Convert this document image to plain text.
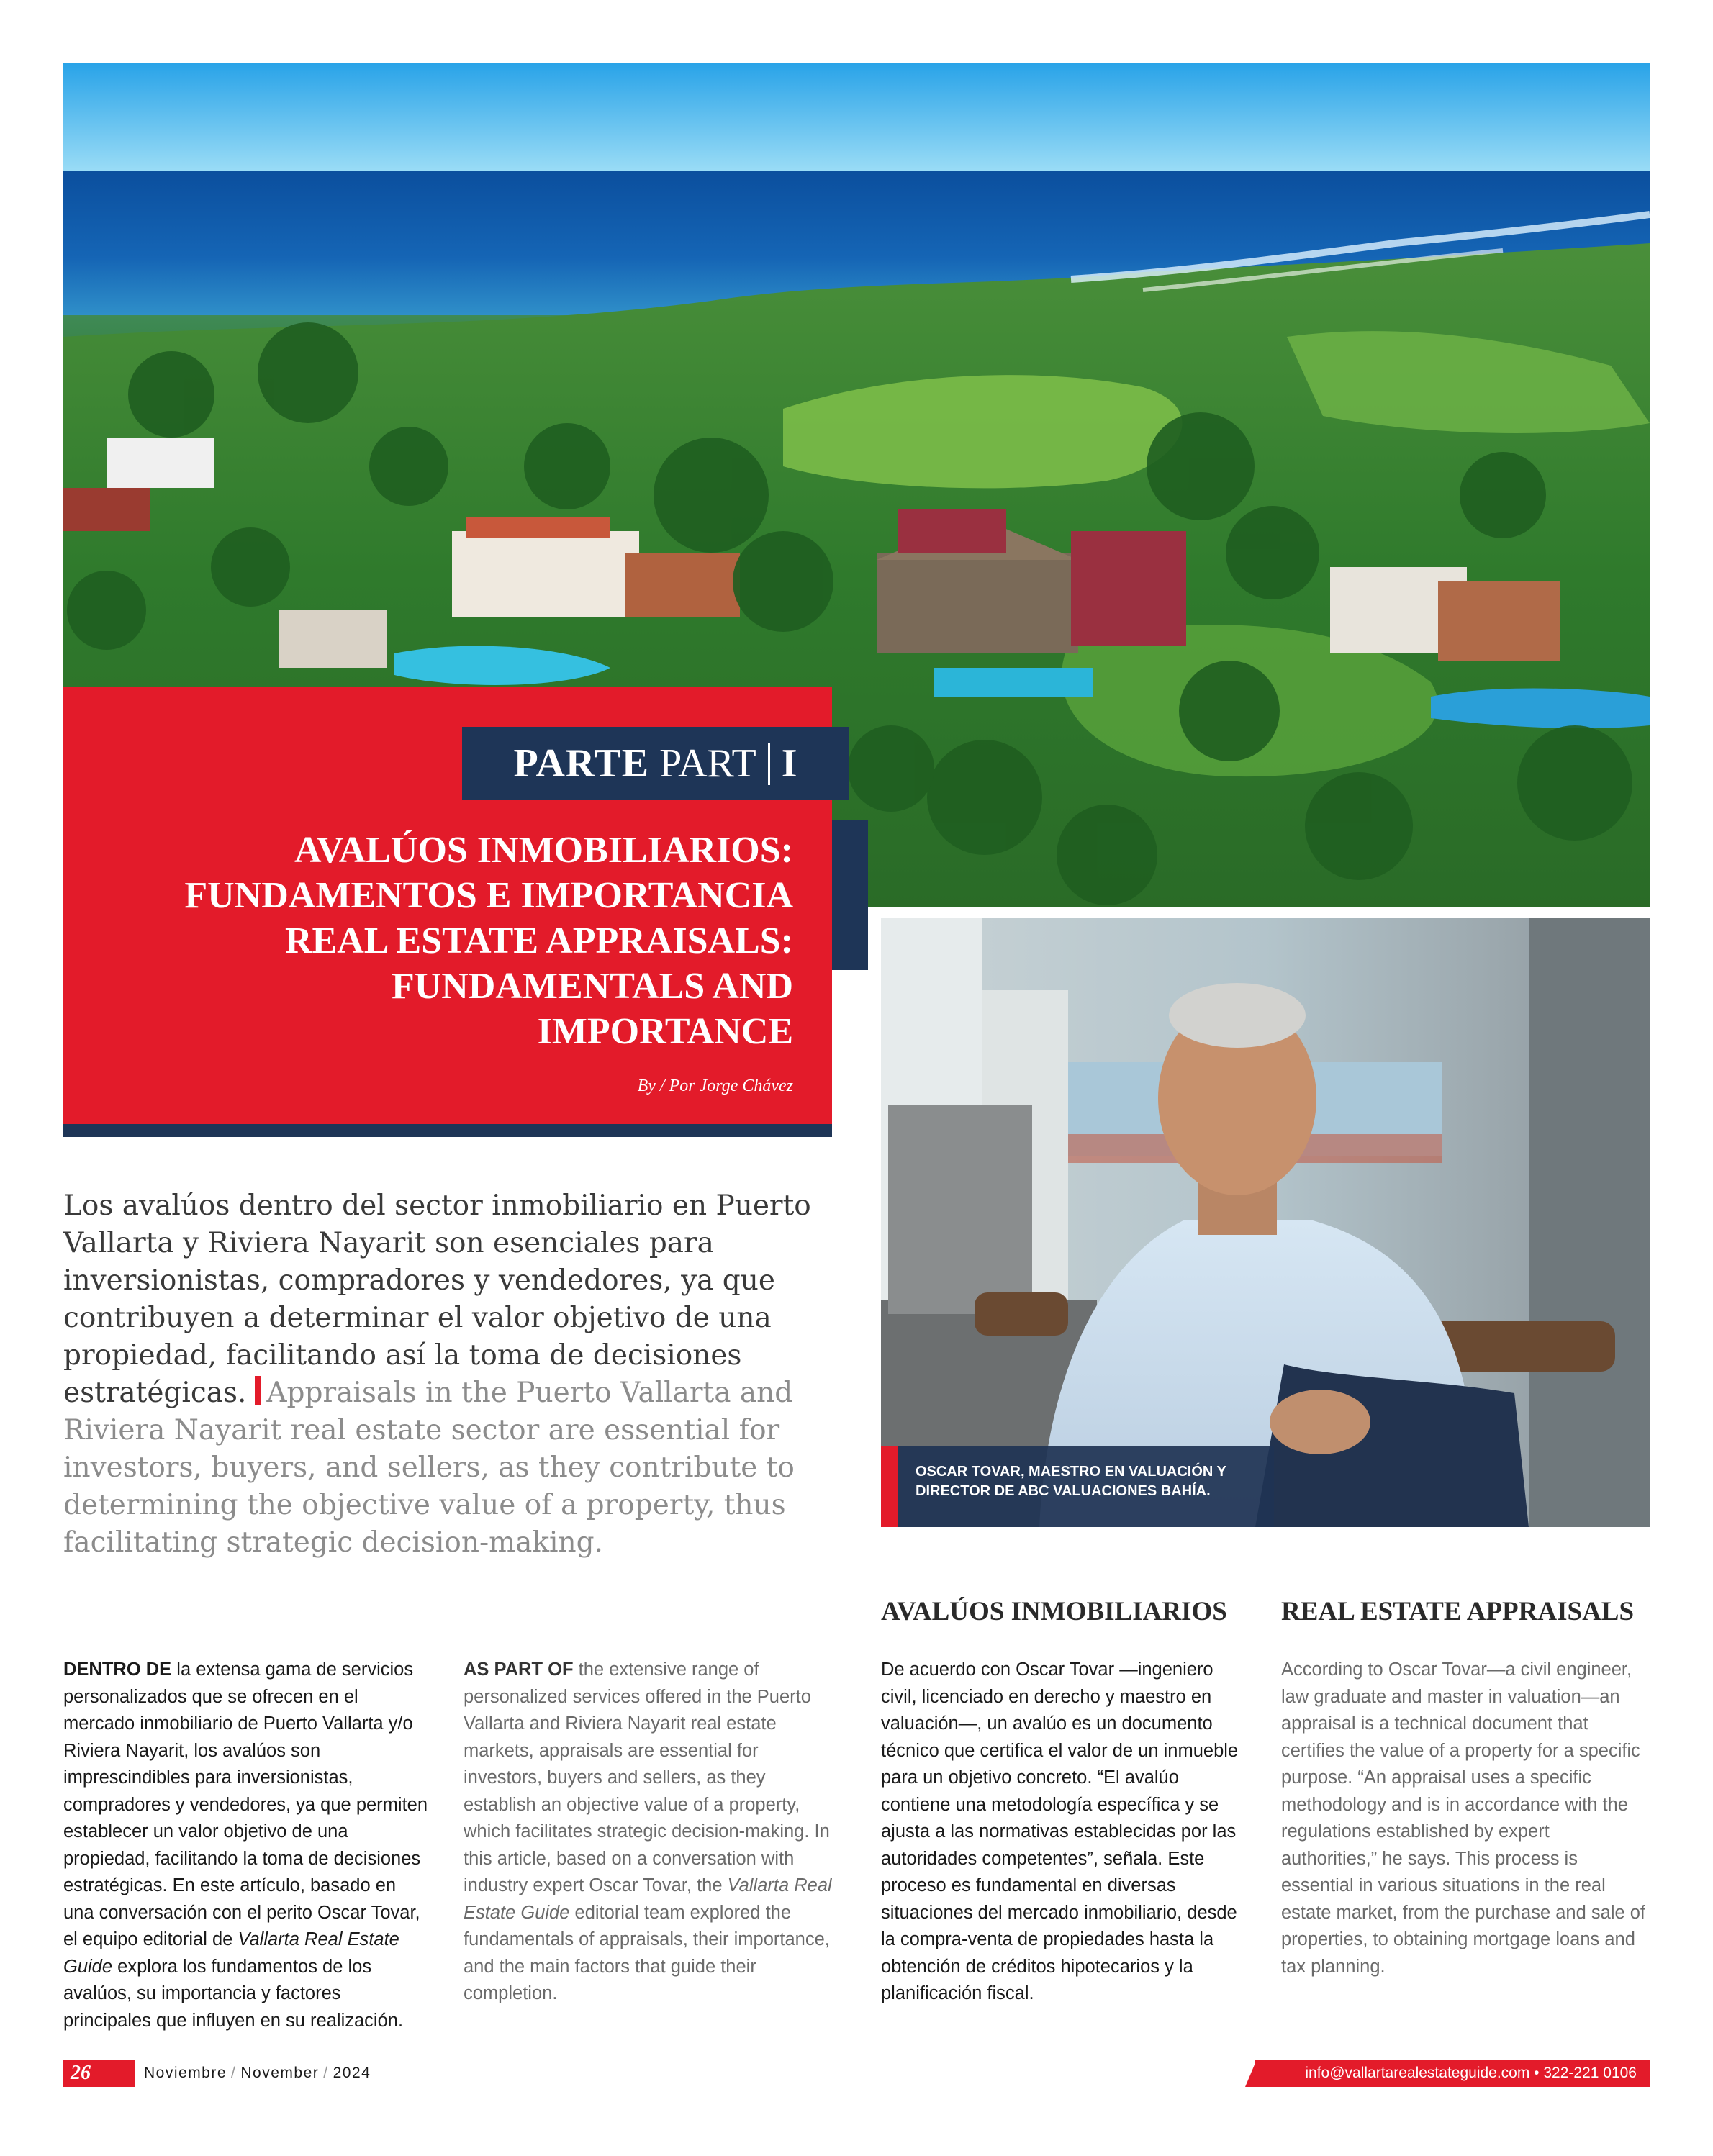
PARTE PART I
AVALÚOS INMOBILIARIOS:
FUNDAMENTOS E IMPORTANCIA
REAL ESTATE APPRAISALS:
FUNDAMENTALS AND
IMPORTANCE
By / Por Jorge Chávez
OSCAR TOVAR, MAESTRO EN VALUACIÓN Y
DIRECTOR DE ABC VALUACIONES BAHÍA.
Los avalúos dentro del sector inmobiliario en Puerto Vallarta y Riviera Nayarit son esenciales para inversionistas, compradores y vendedores, ya que contribuyen a determinar el valor objetivo de una propiedad, facilitando así la toma de decisiones estratégicas. Appraisals in the Puerto Vallarta and Riviera Nayarit real estate sector are essential for investors, buyers, and sellers, as they contribute to determining the objective value of a property, thus facilitating strategic decision-making.
AVALÚOS INMOBILIARIOS REAL ESTATE APPRAISALS
DENTRO DE la extensa gama de servicios personalizados que se ofrecen en el mercado inmobiliario de Puerto Vallarta y/o Riviera Nayarit, los avalúos son imprescindibles para inversionistas, compradores y vendedores, ya que permiten establecer un valor objetivo de una propiedad, facilitando la toma de decisiones estratégicas. En este artículo, basado en una conversación con el perito Oscar Tovar, el equipo editorial de Vallarta Real Estate Guide explora los fundamentos de los avalúos, su importancia y factores principales que influyen en su realización.
AS PART OF the extensive range of personalized services offered in the Puerto Vallarta and Riviera Nayarit real estate markets, appraisals are essential for investors, buyers and sellers, as they establish an objective value of a property, which facilitates strategic decision-making. In this article, based on a conversation with industry expert Oscar Tovar, the Vallarta Real Estate Guide editorial team explored the fundamentals of appraisals, their importance, and the main factors that guide their completion.
De acuerdo con Oscar Tovar —ingeniero civil, licenciado en derecho y maestro en valuación—, un avalúo es un documento técnico que certifica el valor de un inmueble para un objetivo concreto. “El avalúo contiene una metodología específica y se ajusta a las normativas establecidas por las autoridades competentes”, señala. Este proceso es fundamental en diversas situaciones del mercado inmobiliario, desde la compra-venta de propiedades hasta la obtención de créditos hipotecarios y la planificación fiscal.
According to Oscar Tovar—a civil engineer, law graduate and master in valuation—an appraisal is a technical document that certifies the value of a property for a specific purpose. “An appraisal uses a specific methodology and is in accordance with the regulations established by expert authorities,” he says. This process is essential in various situations in the real estate market, from the purchase and sale of properties, to obtaining mortgage loans and tax planning.
26	Noviembre / November / 2024	info@vallartarealestateguide.com • 322-221 0106
